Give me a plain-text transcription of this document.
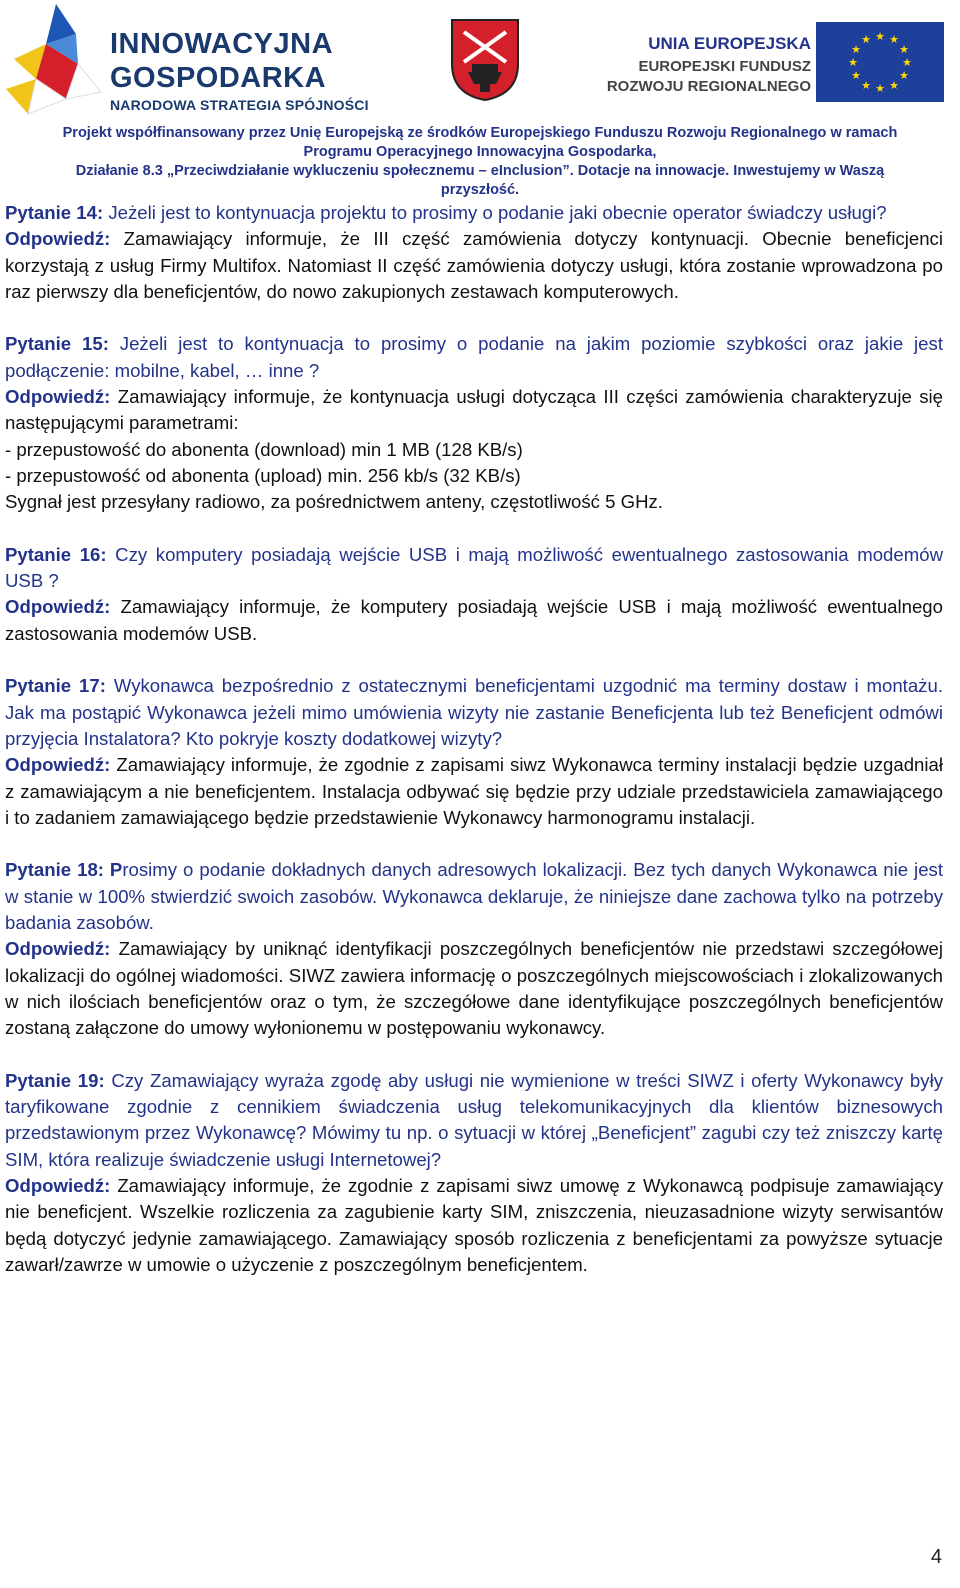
INNOWACYJNA
GOSPODARKA
NARODOWA STRATEGIA SPÓJNOŚCI
UNIA EUROPEJSKA
EUROPEJSKI FUNDUSZ
ROZWOJU REGIONALNEGO
★ ★
★
★
★
★
★
★
★
★
★
★
Projekt współfinansowany przez Unię Europejską ze środków Europejskiego Funduszu Rozwoju Regionalnego w ramach
Programu Operacyjnego Innowacyjna Gospodarka,
Działanie 8.3 „Przeciwdziałanie wykluczeniu społecznemu – eInclusion”. Dotacje na innowacje. Inwestujemy w Waszą
przyszłość.

Pytanie 14: Jeżeli jest to kontynuacja projektu to prosimy o podanie jaki obecnie operator świadczy usługi?

Odpowiedź: Zamawiający informuje, że III część zamówienia dotyczy kontynuacji. Obecnie beneficjenci korzystają z usług Firmy Multifox. Natomiast II część zamówienia dotyczy usługi, która zostanie wprowadzona po raz pierwszy dla beneficjentów, do nowo zakupionych zestawach komputerowych.

Pytanie 15: Jeżeli jest to kontynuacja to prosimy o podanie na jakim poziomie szybkości oraz jakie jest podłączenie: mobilne, kabel, … inne ?

Odpowiedź: Zamawiający informuje, że kontynuacja usługi dotycząca III części zamówienia charakteryzuje się następującymi parametrami:

- przepustowość do abonenta (download) min 1 MB (128 KB/s)

- przepustowość od abonenta (upload) min. 256 kb/s (32 KB/s)

Sygnał jest przesyłany radiowo, za pośrednictwem anteny, częstotliwość 5 GHz.

Pytanie 16: Czy komputery posiadają wejście USB i mają możliwość ewentualnego zastosowania modemów USB ?

Odpowiedź: Zamawiający informuje, że komputery posiadają wejście USB i mają możliwość ewentualnego zastosowania modemów USB.

Pytanie 17: Wykonawca bezpośrednio z ostatecznymi beneficjentami uzgodnić ma terminy dostaw i montażu. Jak ma postąpić Wykonawca jeżeli mimo umówienia wizyty nie zastanie Beneficjenta lub też Beneficjent odmówi przyjęcia Instalatora? Kto pokryje koszty dodatkowej wizyty?

Odpowiedź: Zamawiający informuje, że zgodnie z zapisami siwz Wykonawca terminy instalacji będzie uzgadniał z zamawiającym a nie beneficjentem. Instalacja odbywać się będzie przy udziale przedstawiciela zamawiającego i to zadaniem zamawiającego będzie przedstawienie Wykonawcy harmonogramu instalacji.

Pytanie 18: Prosimy o podanie dokładnych danych adresowych lokalizacji. Bez tych danych Wykonawca nie jest w stanie w 100% stwierdzić swoich zasobów. Wykonawca deklaruje, że niniejsze dane zachowa tylko na potrzeby badania zasobów.

Odpowiedź: Zamawiający by uniknąć identyfikacji poszczególnych beneficjentów nie przedstawi szczegółowej lokalizacji do ogólnej wiadomości. SIWZ zawiera informację o poszczególnych miejscowościach i zlokalizowanych w nich ilościach beneficjentów oraz o tym, że szczegółowe dane identyfikujące poszczególnych beneficjentów zostaną załączone do umowy wyłonionemu w postępowaniu wykonawcy.

Pytanie 19: Czy Zamawiający wyraża zgodę aby usługi nie wymienione w treści SIWZ i oferty Wykonawcy były taryfikowane zgodnie z cennikiem świadczenia usług telekomunikacyjnych dla klientów biznesowych przedstawionym przez Wykonawcę? Mówimy tu np. o sytuacji w której „Beneficjent” zagubi czy też zniszczy kartę SIM, która realizuje świadczenie usługi Internetowej?

Odpowiedź: Zamawiający informuje, że zgodnie z zapisami siwz umowę z Wykonawcą podpisuje zamawiający nie beneficjent. Wszelkie rozliczenia za zagubienie karty SIM, zniszczenia, nieuzasadnione wizyty serwisantów będą dotyczyć jedynie zamawiającego. Zamawiający sposób rozliczenia z beneficjentami za powyższe sytuacje zawarł/zawrze w umowie o użyczenie z poszczególnym beneficjentem.

4
